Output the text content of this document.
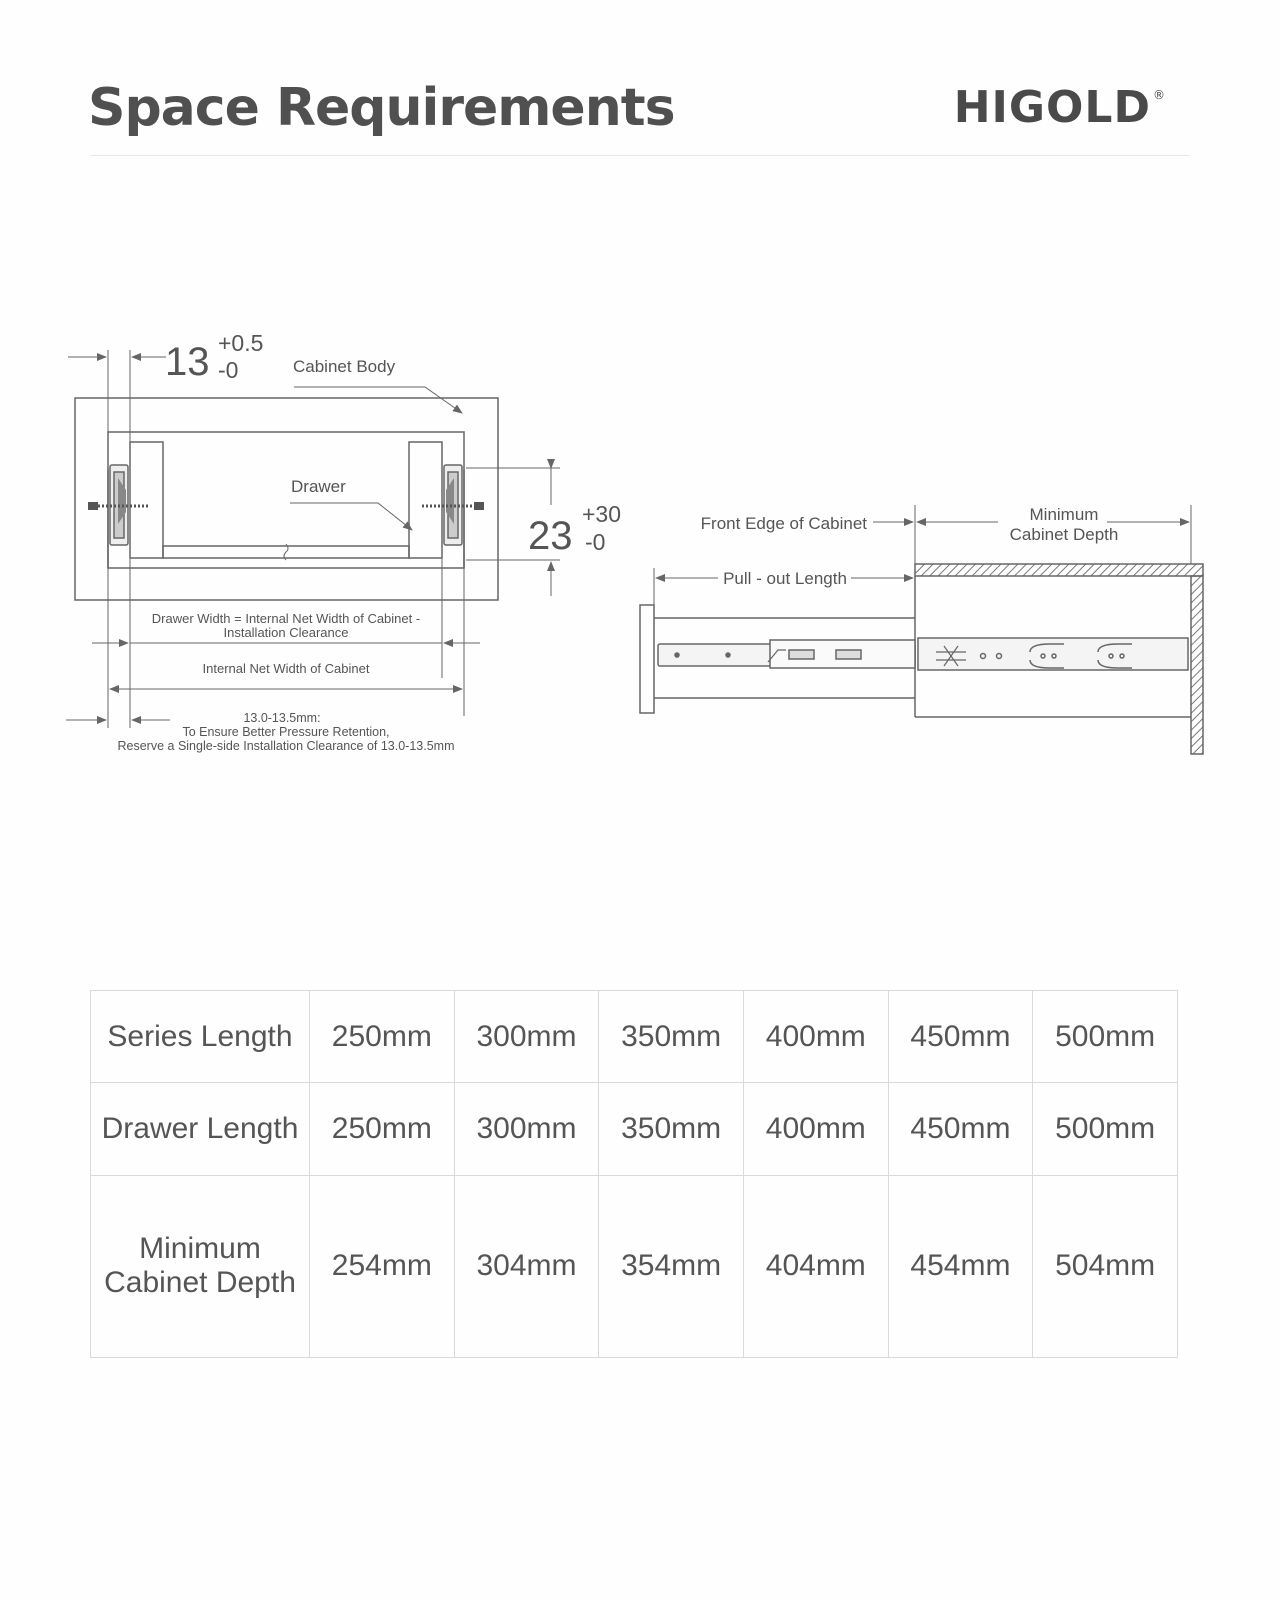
Space Requirements	HIGOLD ®
13 +0.5
-0	Cabinet Body
Drawer
23 +30
-0
Drawer Width = Internal Net Width of Cabinet -
Installation Clearance
Internal Net Width of Cabinet
13.0-13.5mm:
To Ensure Better Pressure Retention,
Reserve a Single-side Installation Clearance of 13.0-13.5mm
Front Edge of Cabinet	Minimum
Cabinet Depth
Pull - out Length
Series Length	250mm	300mm	350mm	400mm	450mm	500mm

Drawer Length	250mm	300mm	350mm	400mm	450mm	500mm

Minimum
Cabinet Depth	254mm	304mm	354mm	404mm	454mm	504mm
